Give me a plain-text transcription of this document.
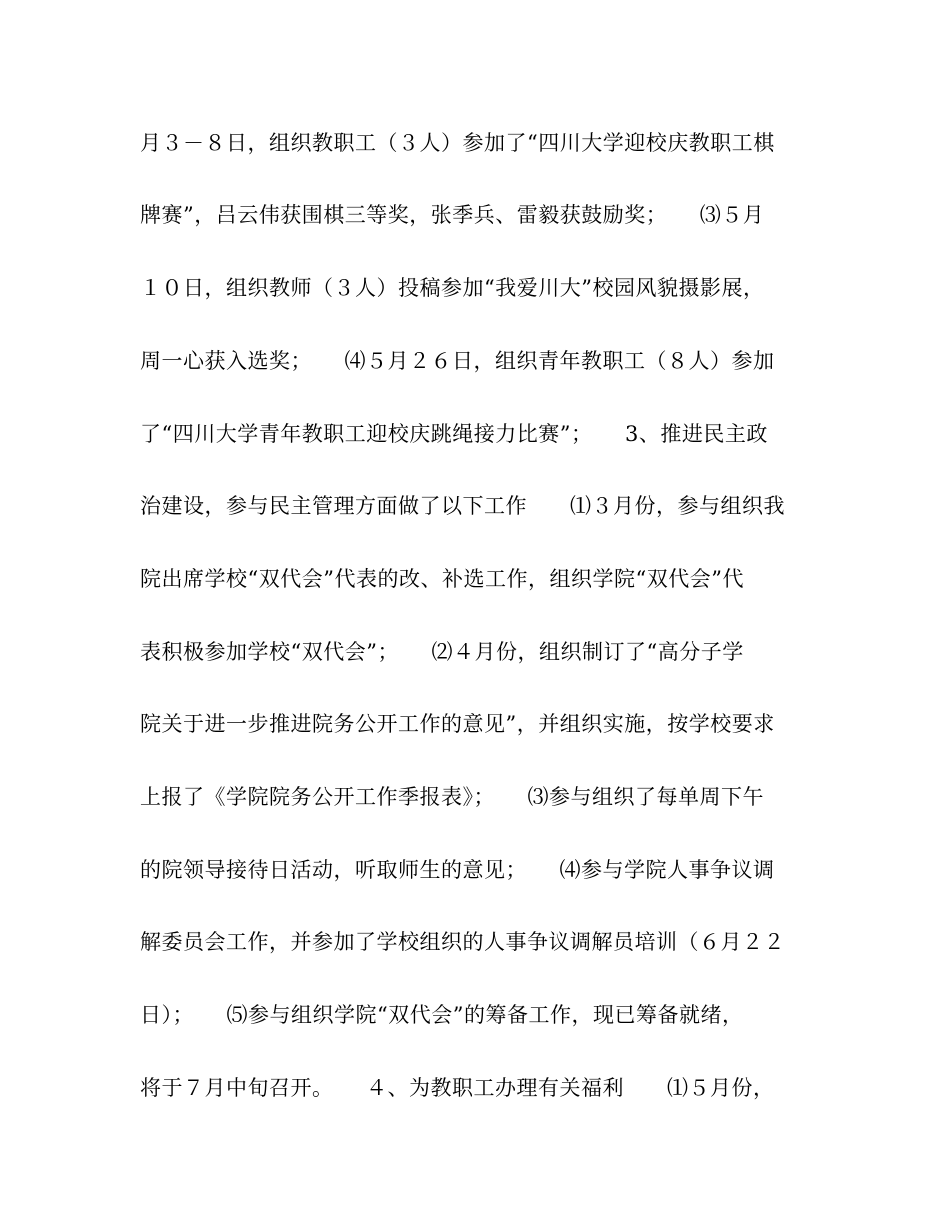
月３－８日，组织教职工（３人）参加了“四川大学迎校庆教职工棋
牌赛”，吕云伟获围棋三等奖，张季兵、雷毅获鼓励奖；　　⑶５月
１０日，组织教师（３人）投稿参加“我爱川大”校园风貌摄影展，
周一心获入选奖；　　⑷５月２６日，组织青年教职工（８人）参加
了“四川大学青年教职工迎校庆跳绳接力比赛”；　　3、推进民主政
治建设，参与民主管理方面做了以下工作　　⑴３月份，参与组织我
院出席学校“双代会”代表的改、补选工作，组织学院“双代会”代
表积极参加学校“双代会”；　　⑵４月份，组织制订了“高分子学
院关于进一步推进院务公开工作的意见”，并组织实施，按学校要求
上报了《学院院务公开工作季报表》；　　⑶参与组织了每单周下午
的院领导接待日活动，听取师生的意见；　　⑷参与学院人事争议调
解委员会工作，并参加了学校组织的人事争议调解员培训（６月２２
日）；　　⑸参与组织学院“双代会”的筹备工作，现已筹备就绪，
将于７月中旬召开。　　４、为教职工办理有关福利　　⑴５月份，
